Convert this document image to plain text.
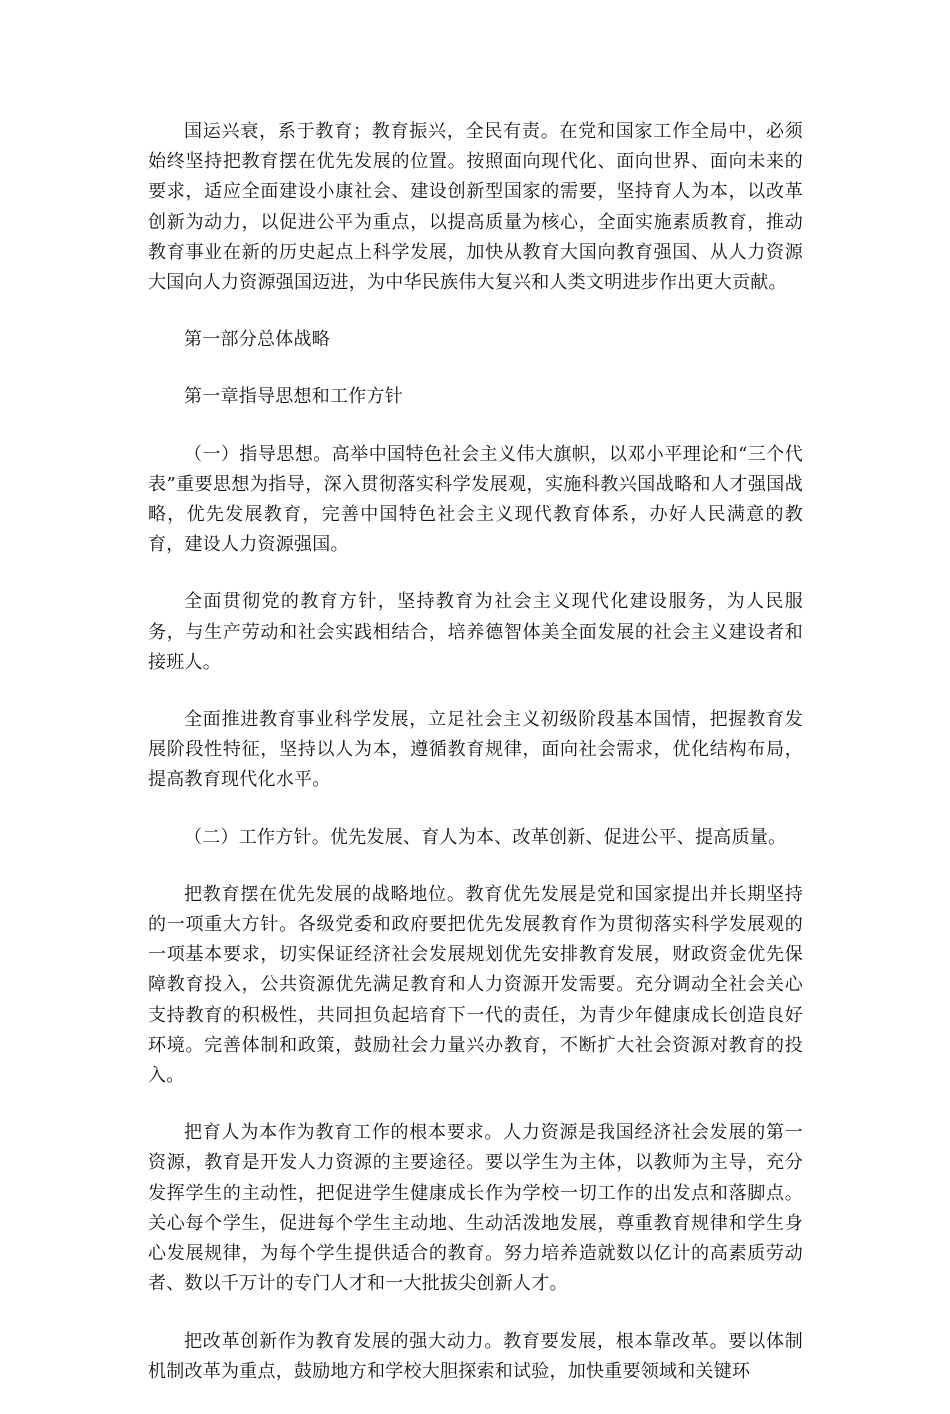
国运兴衰，系于教育；教育振兴，全民有责。在党和国家工作全局中，必须始终坚持把教育摆在优先发展的位置。按照面向现代化、面向世界、面向未来的要求，适应全面建设小康社会、建设创新型国家的需要，坚持育人为本，以改革创新为动力，以促进公平为重点，以提高质量为核心，全面实施素质教育，推动教育事业在新的历史起点上科学发展，加快从教育大国向教育强国、从人力资源大国向人力资源强国迈进，为中华民族伟大复兴和人类文明进步作出更大贡献。

第一部分总体战略

第一章指导思想和工作方针

（一）指导思想。高举中国特色社会主义伟大旗帜，以邓小平理论和“三个代表”重要思想为指导，深入贯彻落实科学发展观，实施科教兴国战略和人才强国战略，优先发展教育，完善中国特色社会主义现代教育体系，办好人民满意的教育，建设人力资源强国。

全面贯彻党的教育方针，坚持教育为社会主义现代化建设服务，为人民服务，与生产劳动和社会实践相结合，培养德智体美全面发展的社会主义建设者和接班人。

全面推进教育事业科学发展，立足社会主义初级阶段基本国情，把握教育发展阶段性特征，坚持以人为本，遵循教育规律，面向社会需求，优化结构布局，提高教育现代化水平。

（二）工作方针。优先发展、育人为本、改革创新、促进公平、提高质量。

把教育摆在优先发展的战略地位。教育优先发展是党和国家提出并长期坚持的一项重大方针。各级党委和政府要把优先发展教育作为贯彻落实科学发展观的一项基本要求，切实保证经济社会发展规划优先安排教育发展，财政资金优先保障教育投入，公共资源优先满足教育和人力资源开发需要。充分调动全社会关心支持教育的积极性，共同担负起培育下一代的责任，为青少年健康成长创造良好环境。完善体制和政策，鼓励社会力量兴办教育，不断扩大社会资源对教育的投入。

把育人为本作为教育工作的根本要求。人力资源是我国经济社会发展的第一资源，教育是开发人力资源的主要途径。要以学生为主体，以教师为主导，充分发挥学生的主动性，把促进学生健康成长作为学校一切工作的出发点和落脚点。关心每个学生，促进每个学生主动地、生动活泼地发展，尊重教育规律和学生身心发展规律，为每个学生提供适合的教育。努力培养造就数以亿计的高素质劳动者、数以千万计的专门人才和一大批拔尖创新人才。

把改革创新作为教育发展的强大动力。教育要发展，根本靠改革。要以体制机制改革为重点，鼓励地方和学校大胆探索和试验，加快重要领域和关键环
